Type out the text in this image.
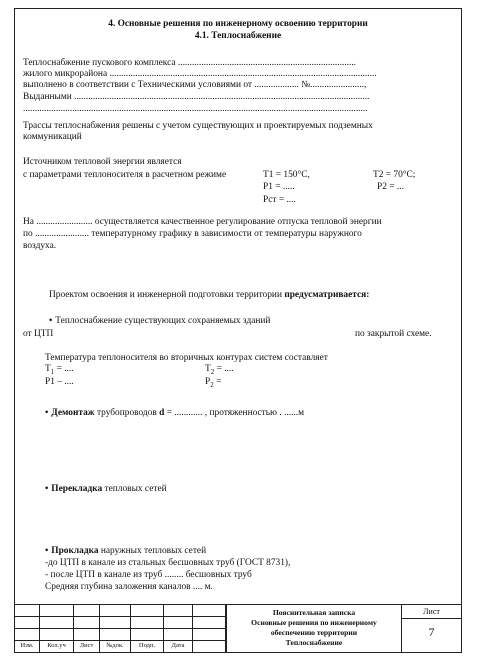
4. Основные решения по инженерному освоению территории
4.1. Теплоснабжение
Теплоснабжение пускового комплекса ............................................................................
жилого микрорайона ..................................................................................................................
выполнено в соответствии с Техническими условиями от ................... №.......................,
Выданными ..............................................................................................................................
...................................................................................................................................................
Трассы теплоснабжения решены с учетом существующих и проектируемых подземных
коммуникаций
Источником тепловой энергии является
с параметрами теплоносителя в расчетном режиме	Т1 = 150°С,	Т2 = 70°С;
Р1 = .....	Р2 = ...
Рст = ....
На ........................ осуществляется качественное регулирование отпуска тепловой энергии
по ....................... температурному графику в зависимости от температуры наружного
воздуха.
Проектом освоения и инженерной подготовки территории предусматривается:
• Теплоснабжение существующих сохраняемых зданий
от ЦТП	по закрытой схеме.
Температура теплоносителя во вторичных контурах систем составляет
$Т_1$ = ....	$Т_2$ = ....
Р1 – ....	$Р_2$ =
• Демонтаж трубопроводов d = ............ , протяженностью . ......м
• Перекладка тепловых сетей
• Прокладка наружных тепловых сетей
-до ЦТП в канале из стальных бесшовных труб (ГОСТ 8731),
- после ЦТП в канале из труб ........ бесшовных труб
Средняя глубина заложения каналов .... м.
Изм.	Кол.уч	Лист	№док.	Подп.	Дата
Пояснительная записка
Основные решения по инженерному
обеспечению территории
Теплоснабжение
Лист
7
